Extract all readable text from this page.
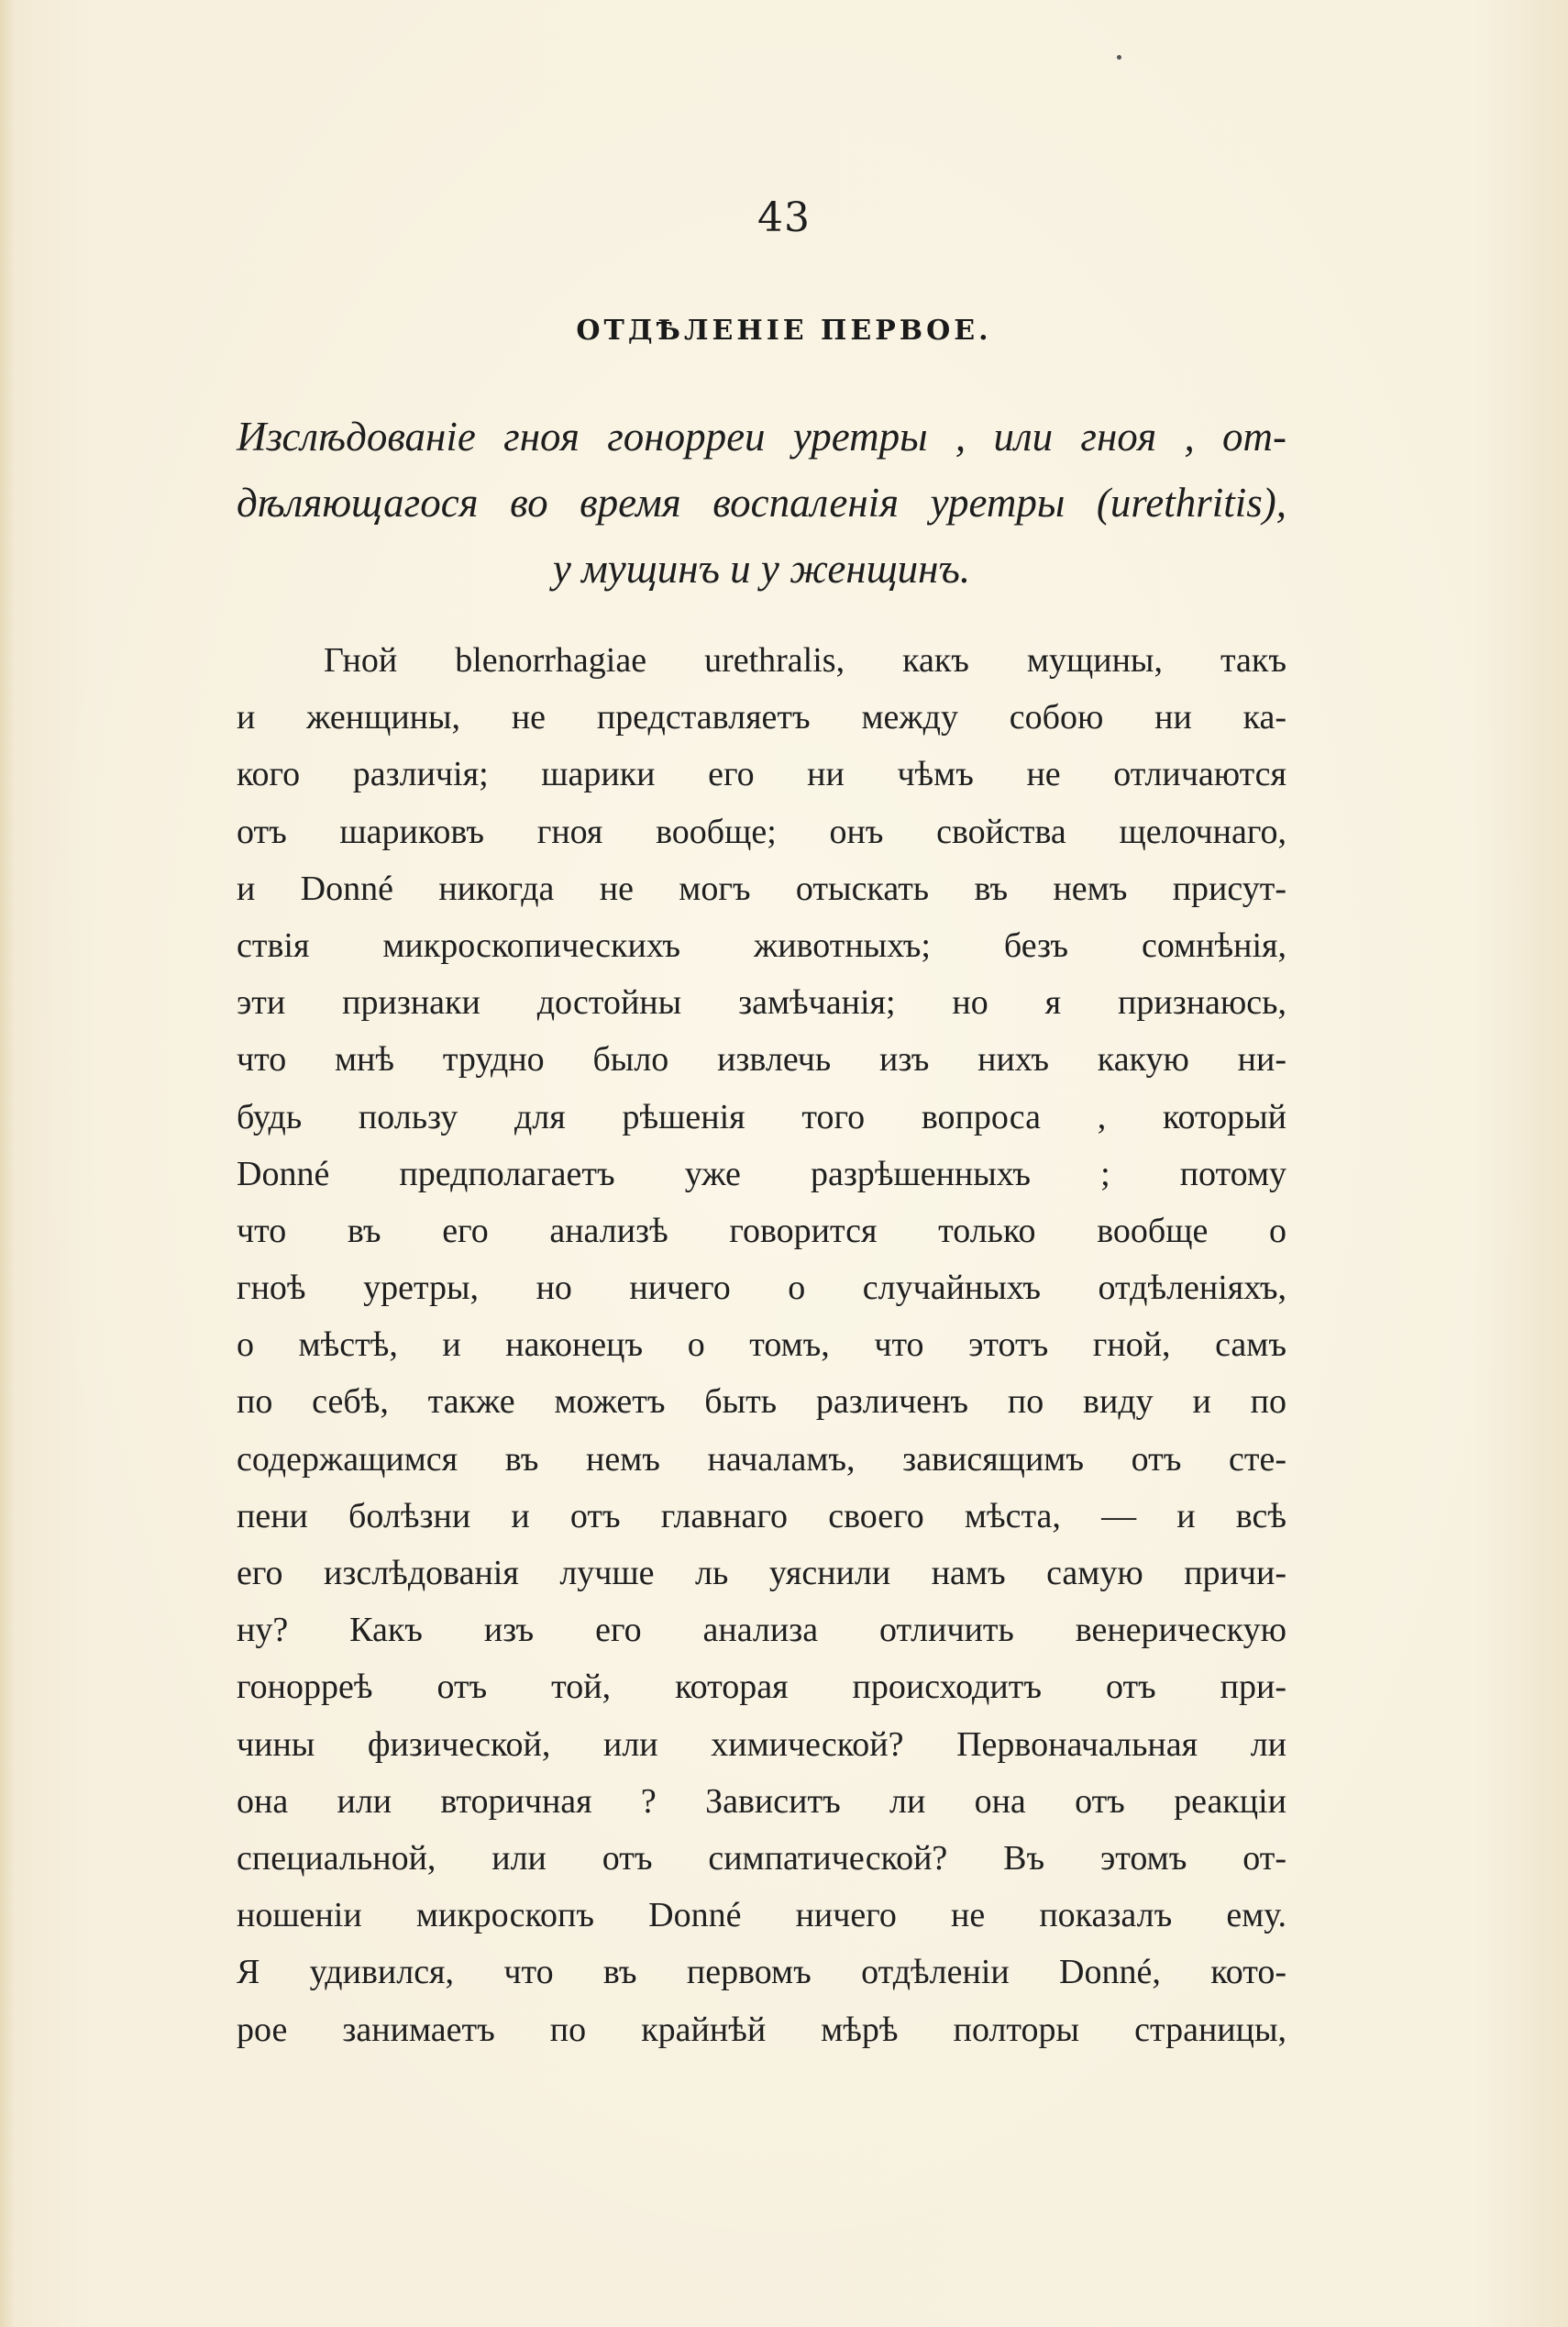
43
ОТДѢЛЕНІЕ ПЕРВОЕ.
Изслѣдованіе гноя гонорреи уретры , или гноя , от-
дѣляющагося во время воспаленія уретры (urethritis),
у мущинъ и у женщинъ.
Гной blenorrhagiae urethralis, какъ мущины, такъ
и женщины, не представляетъ между собою ни ка-
кого различія; шарики его ни чѣмъ не отличаются
отъ шариковъ гноя вообще; онъ свойства щелочнаго,
и Donné никогда не могъ отыскать въ немъ присут-
ствія микроскопическихъ животныхъ; безъ сомнѣнія,
эти признаки достойны замѣчанія; но я признаюсь,
что мнѣ трудно было извлечь изъ нихъ какую ни-
будь пользу для рѣшенія того вопроса , который
Donné предполагаетъ уже разрѣшенныхъ ; потому
что въ его анализѣ говорится только вообще о
гноѣ уретры, но ничего о случайныхъ отдѣленіяхъ,
о мѣстѣ, и наконецъ о томъ, что этотъ гной, самъ
по себѣ, также можетъ быть различенъ по виду и по
содержащимся въ немъ началамъ, зависящимъ отъ сте-
пени болѣзни и отъ главнаго своего мѣста, — и всѣ
его изслѣдованія лучше ль уяснили намъ самую причи-
ну? Какъ изъ его анализа отличить венерическую
гонорреѣ отъ той, которая происходитъ отъ при-
чины физической, или химической? Первоначальная ли
она или вторичная ? Зависитъ ли она отъ реакціи
специальной, или отъ симпатической? Въ этомъ от-
ношеніи микроскопъ Donné ничего не показалъ ему.
Я удивился, что въ первомъ отдѣленіи Donné, кото-
рое занимаетъ по крайнѣй мѣрѣ полторы страницы,
